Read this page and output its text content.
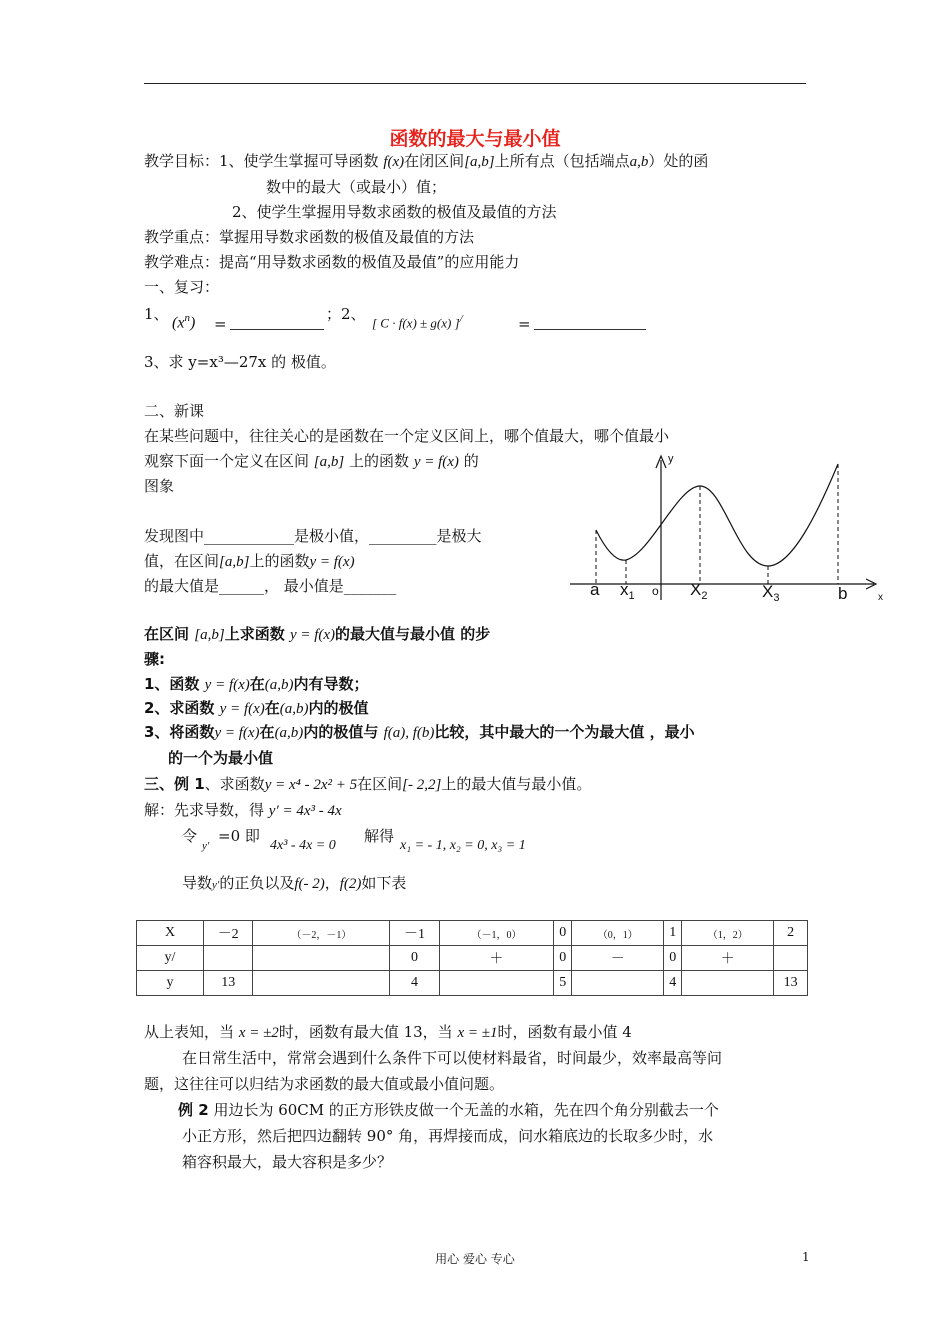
函数的最大与最小值
教学目标：1、使学生掌握可导函数 f(x)在闭区间[a,b]上所有点（包括端点a,b）处的函
数中的最大（或最小）值；
2、使学生掌握用导数求函数的极值及最值的方法
教学重点：掌握用导数求函数的极值及最值的方法
教学难点：提高“用导数求函数的极值及最值”的应用能力
一、复习：
1、 $(x^n)$ =
；2、 [ C · f(x) ± g(x) ]/	=
3、求 y=x³—27x 的 极值。
二、新课
在某些问题中，往往关心的是函数在一个定义区间上，哪个值最大，哪个值最小
观察下面一个定义在区间 [a,b] 上的函数 y = f(x) 的
图象
发现图中____________是极小值，_________是极大
值，在区间[a,b]上的函数y = f(x)
的最大值是______， 最小值是_______
y
x
a $x_1$ o $X_2$	$X_3$	b
在区间 [a,b]上求函数 y = f(x)的最大值与最小值 的步
骤:
1、函数 y = f(x)在(a,b)内有导数；
2、求函数 y = f(x)在(a,b)内的极值
3、将函数y = f(x)在(a,b)内的极值与 f(a), f(b)比较，其中最大的一个为最大值 ，最小
的一个为最小值
三、例 1、求函数y = x⁴ - 2x² + 5在区间[- 2,2]上的最大值与最小值。
解：先求导数，得 y′ = 4x³ - 4x
令
y′
=0 即
4x³ - 4x = 0
解得
x₁ = - 1, x₂ = 0, x₃ = 1
导数y′的正负以及f(- 2)，f(2)如下表
X	－2	（－2，－1）	－1	（－1，0）	0	（0，1）	1	（1，2）	2
y/			0	＋	0	－	0	＋	
y	13		4		5		4		13
从上表知，当 x = ±2时，函数有最大值 13，当 x = ±1时，函数有最小值 4
在日常生活中，常常会遇到什么条件下可以使材料最省，时间最少，效率最高等问
题，这往往可以归结为求函数的最大值或最小值问题。
例 2 用边长为 60CM 的正方形铁皮做一个无盖的水箱，先在四个角分别截去一个
小正方形，然后把四边翻转 90° 角，再焊接而成，问水箱底边的长取多少时，水
箱容积最大，最大容积是多少？
用心 爱心 专心	1
